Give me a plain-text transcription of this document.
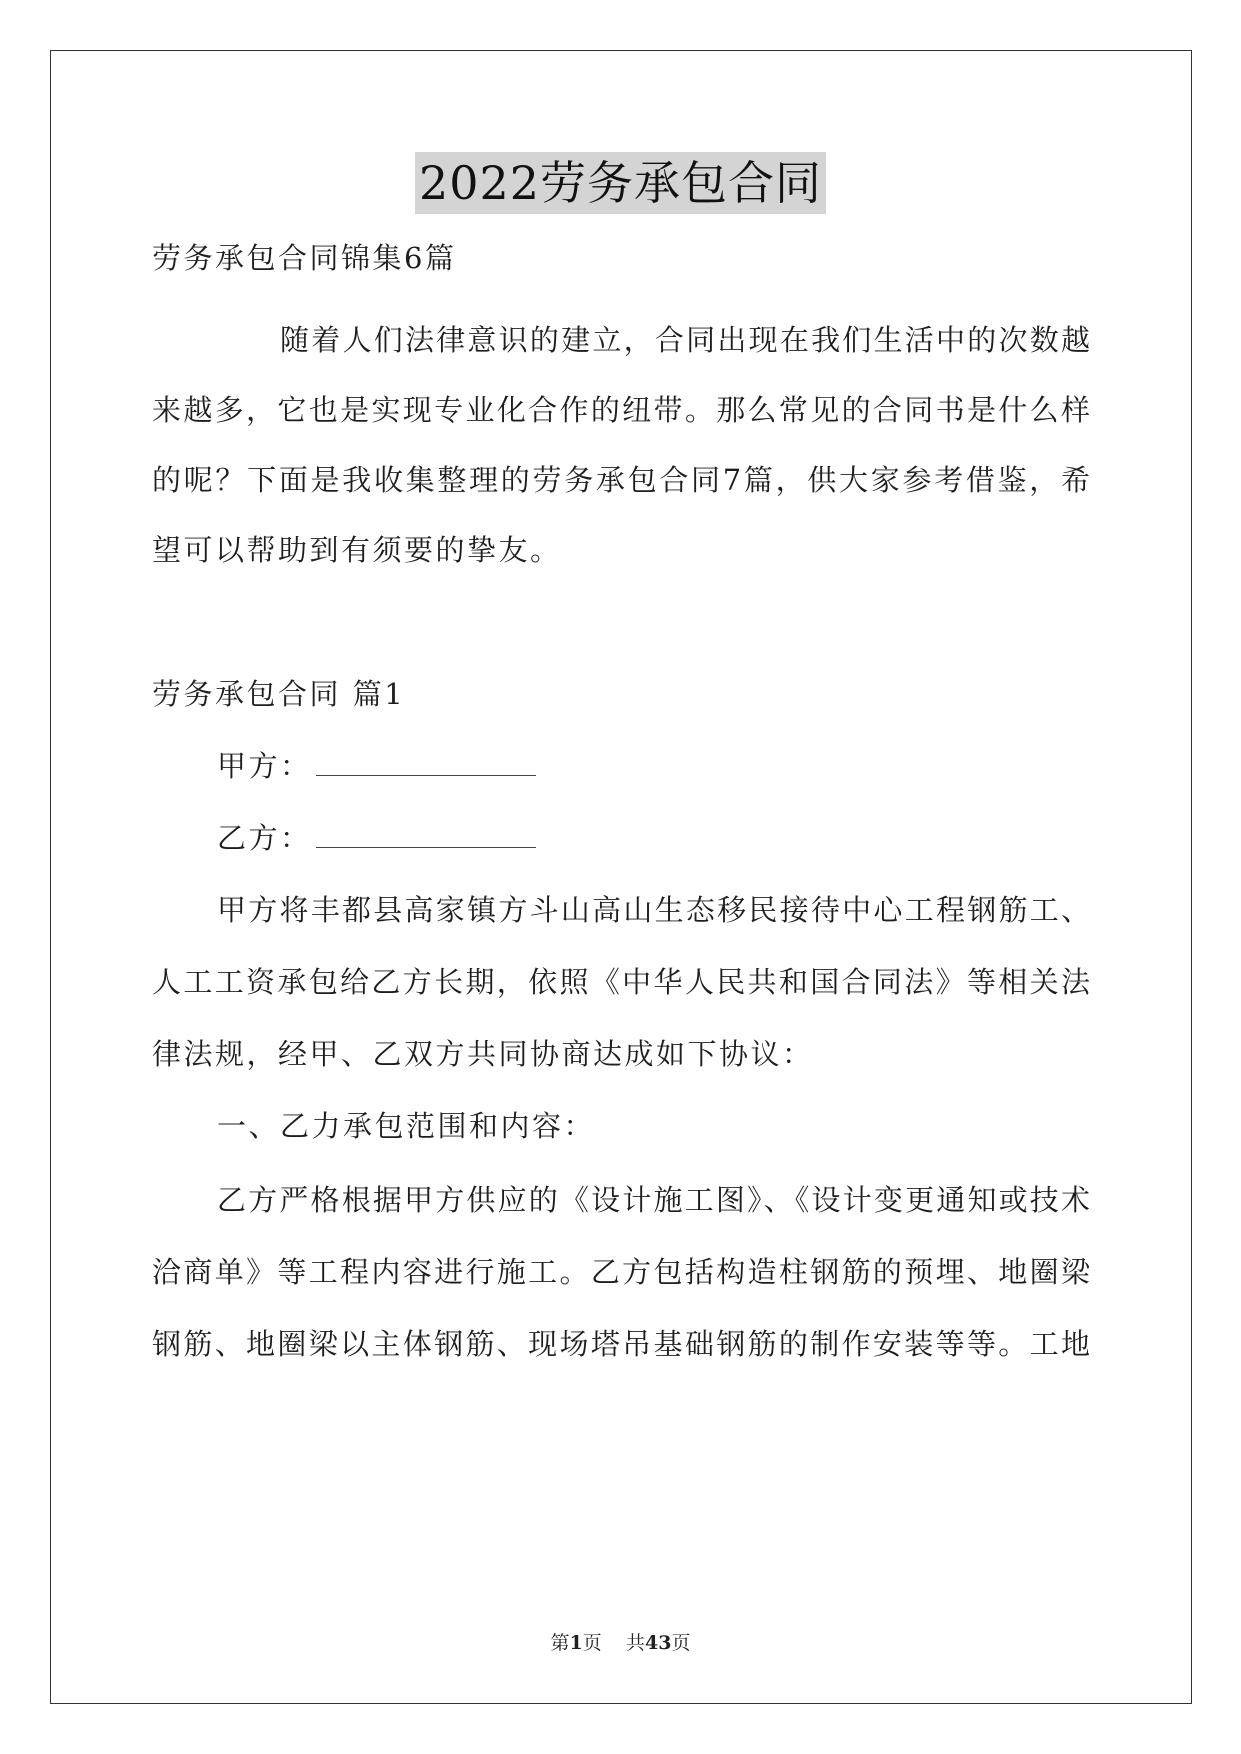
2022劳务承包合同
劳务承包合同锦集6篇
随着人们法律意识的建立，合同出现在我们生活中的次数越
来越多，它也是实现专业化合作的纽带。那么常见的合同书是什么样
的呢？下面是我收集整理的劳务承包合同7篇，供大家参考借鉴，希
望可以帮助到有须要的挚友。
劳务承包合同 篇1
甲方：
乙方：
甲方将丰都县高家镇方斗山高山生态移民接待中心工程钢筋工、
人工工资承包给乙方长期，依照《中华人民共和国合同法》等相关法
律法规，经甲、乙双方共同协商达成如下协议：
一、乙力承包范围和内容：
乙方严格根据甲方供应的《设计施工图》、《设计变更通知或技术
洽商单》等工程内容进行施工。乙方包括构造柱钢筋的预埋、地圈梁
钢筋、地圈梁以主体钢筋、现场塔吊基础钢筋的制作安装等等。工地
第1页 共43页
